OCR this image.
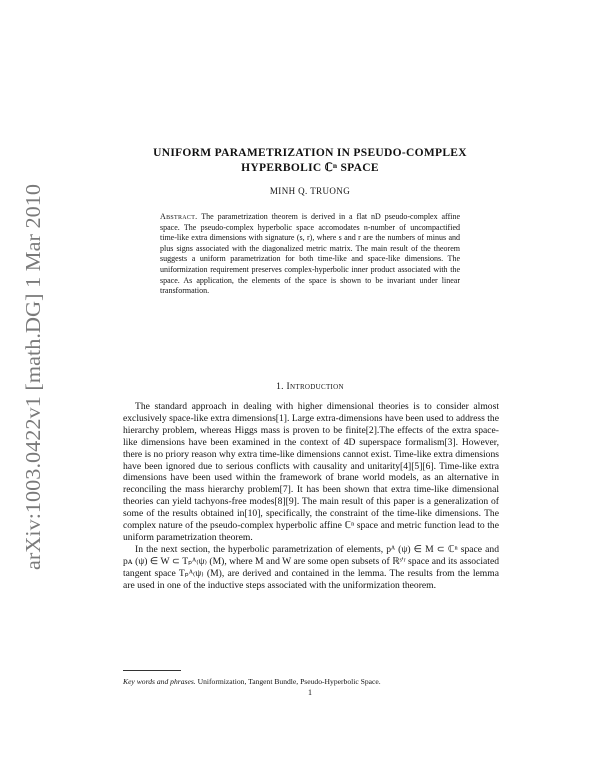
arXiv:1003.0422v1 [math.DG] 1 Mar 2010
UNIFORM PARAMETRIZATION IN PSEUDO-COMPLEX
HYPERBOLIC ℂⁿ SPACE
MINH Q. TRUONG
Abstract. The parametrization theorem is derived in a flat nD pseudo-complex affine space. The pseudo-complex hyperbolic space accomodates n-number of uncompactified time-like extra dimensions with signature (s, r), where s and r are the numbers of minus and plus signs associated with the diagonalized metric matrix. The main result of the theorem suggests a uniform parametrization for both time-like and space-like dimensions. The uniformization requirement preserves complex-hyperbolic inner product associated with the space. As application, the elements of the space is shown to be invariant under linear transformation.
1. Introduction

The standard approach in dealing with higher dimensional theories is to consider almost exclusively space-like extra dimensions[1]. Large extra-dimensions have been used to address the hierarchy problem, whereas Higgs mass is proven to be finite[2].The effects of the extra space-like dimensions have been examined in the context of 4D superspace formalism[3]. However, there is no priory reason why extra time-like dimensions cannot exist. Time-like extra dimensions have been ignored due to serious conflicts with causality and unitarity[4][5][6]. Time-like extra dimensions have been used within the framework of brane world models, as an alternative in reconciling the mass hierarchy problem[7]. It has been shown that extra time-like dimensional theories can yield tachyons-free modes[8][9]. The main result of this paper is a generalization of some of the results obtained in[10], specifically, the constraint of the time-like dimensions. The complex nature of the pseudo-complex hyperbolic affine ℂⁿ space and metric function lead to the uniform parametrization theorem.

In the next section, the hyperbolic parametrization of elements, pᴬ (ψ) ∈ M ⊂ ℂⁿ space and pᴀ (ψ) ∈ W ⊂ Tₚᴬ₍ψ₎ (M), where M and W are some open subsets of ℝˢ'ʳ space and its associated tangent space Tₚᴬ₍ψ₎ (M), are derived and contained in the lemma. The results from the lemma are used in one of the inductive steps associated with the uniformization theorem.

Key words and phrases. Uniformization, Tangent Bundle, Pseudo-Hyperbolic Space.
1
